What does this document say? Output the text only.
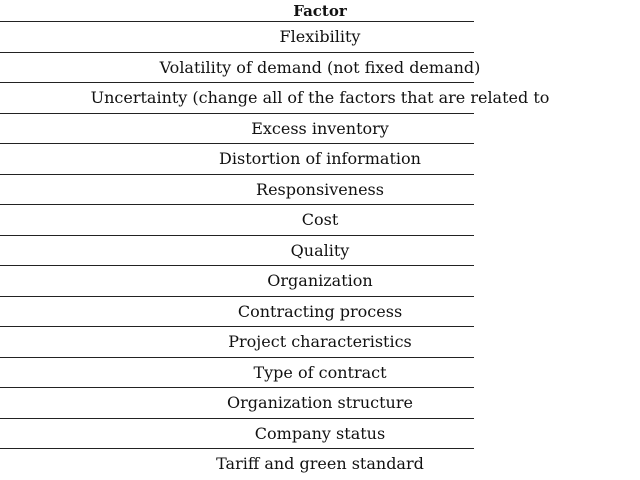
Factor
Flexibility
Volatility of demand (not fixed demand)
Uncertainty (change all of the factors that are related to
Excess inventory
Distortion of information
Responsiveness
Cost
Quality
Organization
Contracting process
Project characteristics
Type of contract
Organization structure
Company status
Tariff and green standard
